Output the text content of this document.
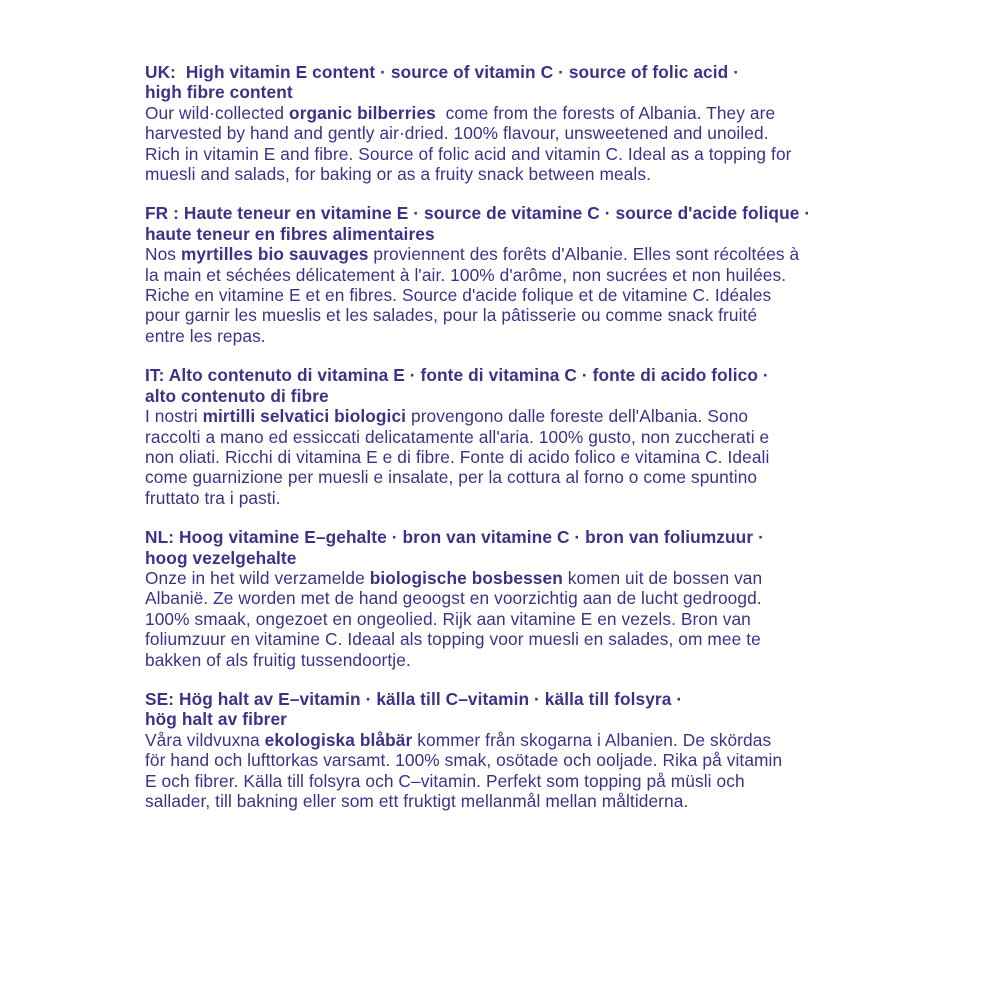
UK:  High vitamin E content · source of vitamin C · source of folic acid ·
high fibre content
Our wild·collected organic bilberries  come from the forests of Albania. They are
harvested by hand and gently air·dried. 100% flavour, unsweetened and unoiled.
Rich in vitamin E and fibre. Source of folic acid and vitamin C. Ideal as a topping for
muesli and salads, for baking or as a fruity snack between meals.
FR : Haute teneur en vitamine E · source de vitamine C · source d'acide folique ·
haute teneur en fibres alimentaires
Nos myrtilles bio sauvages proviennent des forêts d'Albanie. Elles sont récoltées à
la main et séchées délicatement à l'air. 100% d'arôme, non sucrées et non huilées.
Riche en vitamine E et en fibres. Source d'acide folique et de vitamine C. Idéales
pour garnir les mueslis et les salades, pour la pâtisserie ou comme snack fruité
entre les repas.
IT: Alto contenuto di vitamina E · fonte di vitamina C · fonte di acido folico ·
alto contenuto di fibre
I nostri mirtilli selvatici biologici provengono dalle foreste dell'Albania. Sono
raccolti a mano ed essiccati delicatamente all'aria. 100% gusto, non zuccherati e
non oliati. Ricchi di vitamina E e di fibre. Fonte di acido folico e vitamina C. Ideali
come guarnizione per muesli e insalate, per la cottura al forno o come spuntino
fruttato tra i pasti.
NL: Hoog vitamine E–gehalte · bron van vitamine C · bron van foliumzuur ·
hoog vezelgehalte
Onze in het wild verzamelde biologische bosbessen komen uit de bossen van
Albanië. Ze worden met de hand geoogst en voorzichtig aan de lucht gedroogd.
100% smaak, ongezoet en ongeolied. Rijk aan vitamine E en vezels. Bron van
foliumzuur en vitamine C. Ideaal als topping voor muesli en salades, om mee te
bakken of als fruitig tussendoortje.
SE: Hög halt av E–vitamin · källa till C–vitamin · källa till folsyra ·
hög halt av fibrer
Våra vildvuxna ekologiska blåbär kommer från skogarna i Albanien. De skördas
för hand och lufttorkas varsamt. 100% smak, osötade och ooljade. Rika på vitamin
E och fibrer. Källa till folsyra och C–vitamin. Perfekt som topping på müsli och
sallader, till bakning eller som ett fruktigt mellanmål mellan måltiderna.
